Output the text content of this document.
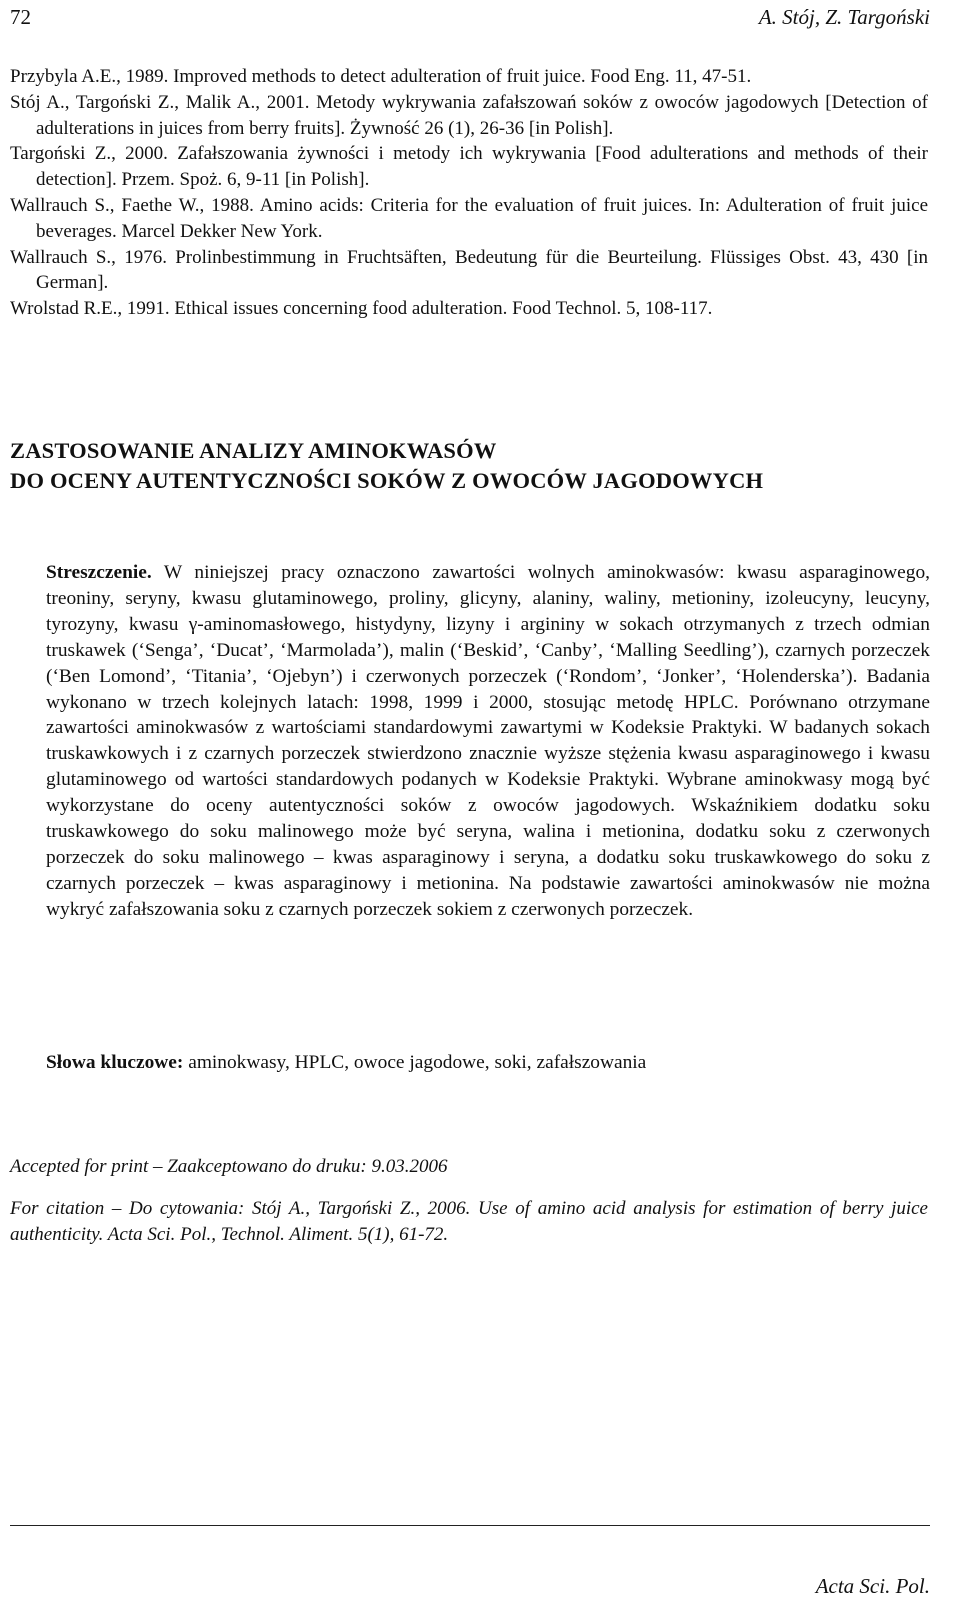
72	A. Stój, Z. Targoński

Przybyla A.E., 1989. Improved methods to detect adulteration of fruit juice. Food Eng. 11, 47-51.

Stój A., Targoński Z., Malik A., 2001. Metody wykrywania zafałszowań soków z owoców jagodowych [Detection of adulterations in juices from berry fruits]. Żywność 26 (1), 26-36 [in Polish].

Targoński Z., 2000. Zafałszowania żywności i metody ich wykrywania [Food adulterations and methods of their detection]. Przem. Spoż. 6, 9-11 [in Polish].

Wallrauch S., Faethe W., 1988. Amino acids: Criteria for the evaluation of fruit juices. In: Adulteration of fruit juice beverages. Marcel Dekker New York.

Wallrauch S., 1976. Prolinbestimmung in Fruchtsäften, Bedeutung für die Beurteilung. Flüssiges Obst. 43, 430 [in German].

Wrolstad R.E., 1991. Ethical issues concerning food adulteration. Food Technol. 5, 108-117.

ZASTOSOWANIE ANALIZY AMINOKWASÓW
DO OCENY AUTENTYCZNOŚCI SOKÓW Z OWOCÓW JAGODOWYCH

Streszczenie. W niniejszej pracy oznaczono zawartości wolnych aminokwasów: kwasu asparaginowego, treoniny, seryny, kwasu glutaminowego, proliny, glicyny, alaniny, waliny, metioniny, izoleucyny, leucyny, tyrozyny, kwasu γ-aminomasłowego, histydyny, lizyny i argininy w sokach otrzymanych z trzech odmian truskawek (‘Senga’, ‘Ducat’, ‘Marmolada’), malin (‘Beskid’, ‘Canby’, ‘Malling Seedling’), czarnych porzeczek (‘Ben Lomond’, ‘Titania’, ‘Ojebyn’) i czerwonych porzeczek (‘Rondom’, ‘Jonker’, ‘Holenderska’). Badania wykonano w trzech kolejnych latach: 1998, 1999 i 2000, stosując metodę HPLC. Porównano otrzymane zawartości aminokwasów z wartościami standardowymi zawartymi w Kodeksie Praktyki. W badanych sokach truskawkowych i z czarnych porzeczek stwierdzono znacznie wyższe stężenia kwasu asparaginowego i kwasu glutaminowego od wartości standardowych podanych w Kodeksie Praktyki. Wybrane aminokwasy mogą być wykorzystane do oceny autentyczności soków z owoców jagodowych. Wskaźnikiem dodatku soku truskawkowego do soku malinowego może być seryna, walina i metionina, dodatku soku z czerwonych porzeczek do soku malinowego – kwas asparaginowy i seryna, a dodatku soku truskawkowego do soku z czarnych porzeczek – kwas asparaginowy i metionina. Na podstawie zawartości aminokwasów nie można wykryć zafałszowania soku z czarnych porzeczek sokiem z czerwonych porzeczek.

Słowa kluczowe: aminokwasy, HPLC, owoce jagodowe, soki, zafałszowania
Accepted for print – Zaakceptowano do druku: 9.03.2006

For citation – Do cytowania: Stój A., Targoński Z., 2006. Use of amino acid analysis for estimation of berry juice authenticity. Acta Sci. Pol., Technol. Aliment. 5(1), 61-72.

Acta Sci. Pol.
